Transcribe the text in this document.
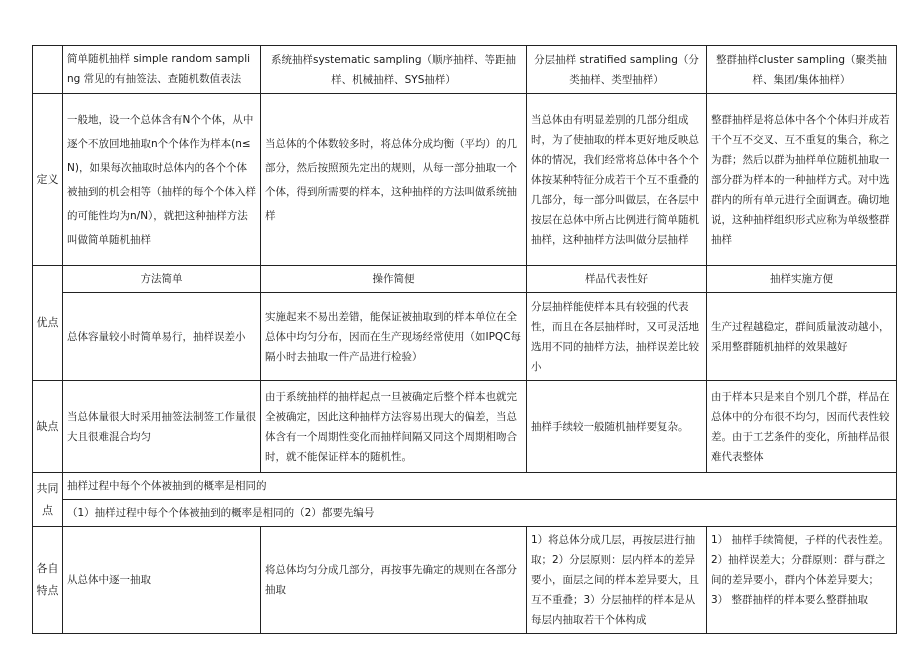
	简单随机抽样 simple random sampling 常见的有抽签法、查随机数值表法	系统抽样systematic sampling（顺序抽样、等距抽样、机械抽样、SYS抽样）	分层抽样 stratified sampling（分类抽样、类型抽样）	整群抽样cluster sampling（聚类抽样、集团/集体抽样）
定义	一般地，设一个总体含有N个个体，从中逐个不放回地抽取n个个体作为样本(n≤N)，如果每次抽取时总体内的各个个体被抽到的机会相等（抽样的每个个体入样的可能性均为n/N），就把这种抽样方法叫做简单随机抽样	当总体的个体数较多时，将总体分成均衡（平均）的几部分，然后按照预先定出的规则，从每一部分抽取一个个体，得到所需要的样本，这种抽样的方法叫做系统抽样	当总体由有明显差别的几部分组成时，为了使抽取的样本更好地反映总体的情况，我们经常将总体中各个个体按某种特征分成若干个互不重叠的几部分，每一部分叫做层，在各层中按层在总体中所占比例进行简单随机抽样，这种抽样方法叫做分层抽样	整群抽样是将总体中各个个体归并成若干个互不交叉、互不重复的集合，称之为群；然后以群为抽样单位随机抽取一部分群为样本的一种抽样方式。对中选群内的所有单元进行全面调查。确切地说，这种抽样组织形式应称为单级整群抽样
优点	方法简单	操作简便	样品代表性好	抽样实施方便
	总体容量较小时简单易行，抽样误差小	实施起来不易出差错，能保证被抽取到的样本单位在全总体中均匀分布，因而在生产现场经常使用（如IPQC每隔小时去抽取一件产品进行检验）	分层抽样能使样本具有较强的代表性，而且在各层抽样时，又可灵活地选用不同的抽样方法，抽样误差比较小	生产过程越稳定，群间质量波动越小，采用整群随机抽样的效果越好
缺点	当总体量很大时采用抽签法制签工作量很大且很难混合均匀	由于系统抽样的抽样起点一旦被确定后整个样本也就完全被确定，因此这种抽样方法容易出现大的偏差，当总体含有一个周期性变化而抽样间隔又同这个周期相吻合时，就不能保证样本的随机性。	抽样手续较一般随机抽样要复杂。	由于样本只是来自个别几个群，样品在总体中的分布很不均匀，因而代表性较差。由于工艺条件的变化，所抽样品很难代表整体
共同点	抽样过程中每个个体被抽到的概率是相同的			
	（1）抽样过程中每个个体被抽到的概率是相同的（2）都要先编号			
各自特点	从总体中逐一抽取	将总体均匀分成几部分，再按事先确定的规则在各部分抽取	1）将总体分成几层，再按层进行抽取；2）分层原则：层内样本的差异要小，面层之间的样本差异要大，且互不重叠；3）分层抽样的样本是从每层内抽取若干个体构成	1） 抽样手续简便，子样的代表性差。2）抽样误差大；分群原则：群与群之间的差异要小，群内个体差异要大；3） 整群抽样的样本要么整群抽取
